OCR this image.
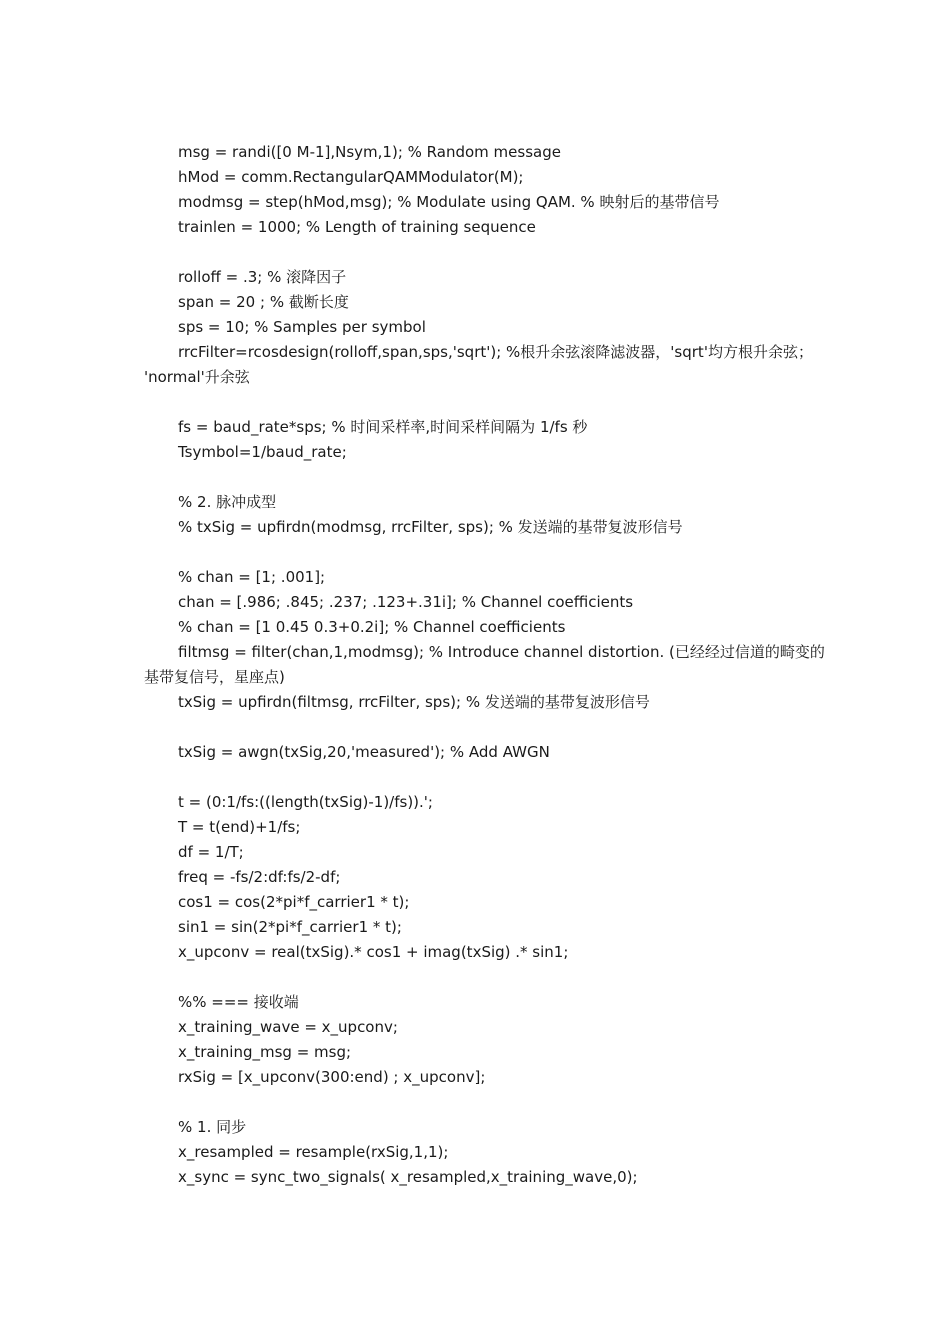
msg = randi([0 M-1],Nsym,1); % Random message
hMod = comm.RectangularQAMModulator(M);
modmsg = step(hMod,msg); % Modulate using QAM. % 映射后的基带信号
trainlen = 1000; % Length of training sequence
rolloff = .3; % 滚降因子
span = 20 ; % 截断长度
sps = 10; % Samples per symbol
rrcFilter=rcosdesign(rolloff,span,sps,'sqrt'); %根升余弦滚降滤波器，'sqrt'均方根升余弦；
'normal'升余弦
fs = baud_rate*sps; % 时间采样率,时间采样间隔为 1/fs 秒
Tsymbol=1/baud_rate;
% 2. 脉冲成型
% txSig = upfirdn(modmsg, rrcFilter, sps); % 发送端的基带复波形信号
% chan = [1; .001];
chan = [.986; .845; .237; .123+.31i]; % Channel coefficients
% chan = [1 0.45 0.3+0.2i]; % Channel coefficients
filtmsg = filter(chan,1,modmsg); % Introduce channel distortion. (已经经过信道的畸变的
基带复信号，星座点)
txSig = upfirdn(filtmsg, rrcFilter, sps); % 发送端的基带复波形信号
txSig = awgn(txSig,20,'measured'); % Add AWGN
t = (0:1/fs:((length(txSig)-1)/fs)).';
T = t(end)+1/fs;
df = 1/T;
freq = -fs/2:df:fs/2-df;
cos1 = cos(2*pi*f_carrier1 * t);
sin1 = sin(2*pi*f_carrier1 * t);
x_upconv = real(txSig).* cos1 + imag(txSig) .* sin1;
%% === 接收端
x_training_wave = x_upconv;
x_training_msg = msg;
rxSig = [x_upconv(300:end) ; x_upconv];
% 1. 同步
x_resampled = resample(rxSig,1,1);
x_sync = sync_two_signals( x_resampled,x_training_wave,0);
